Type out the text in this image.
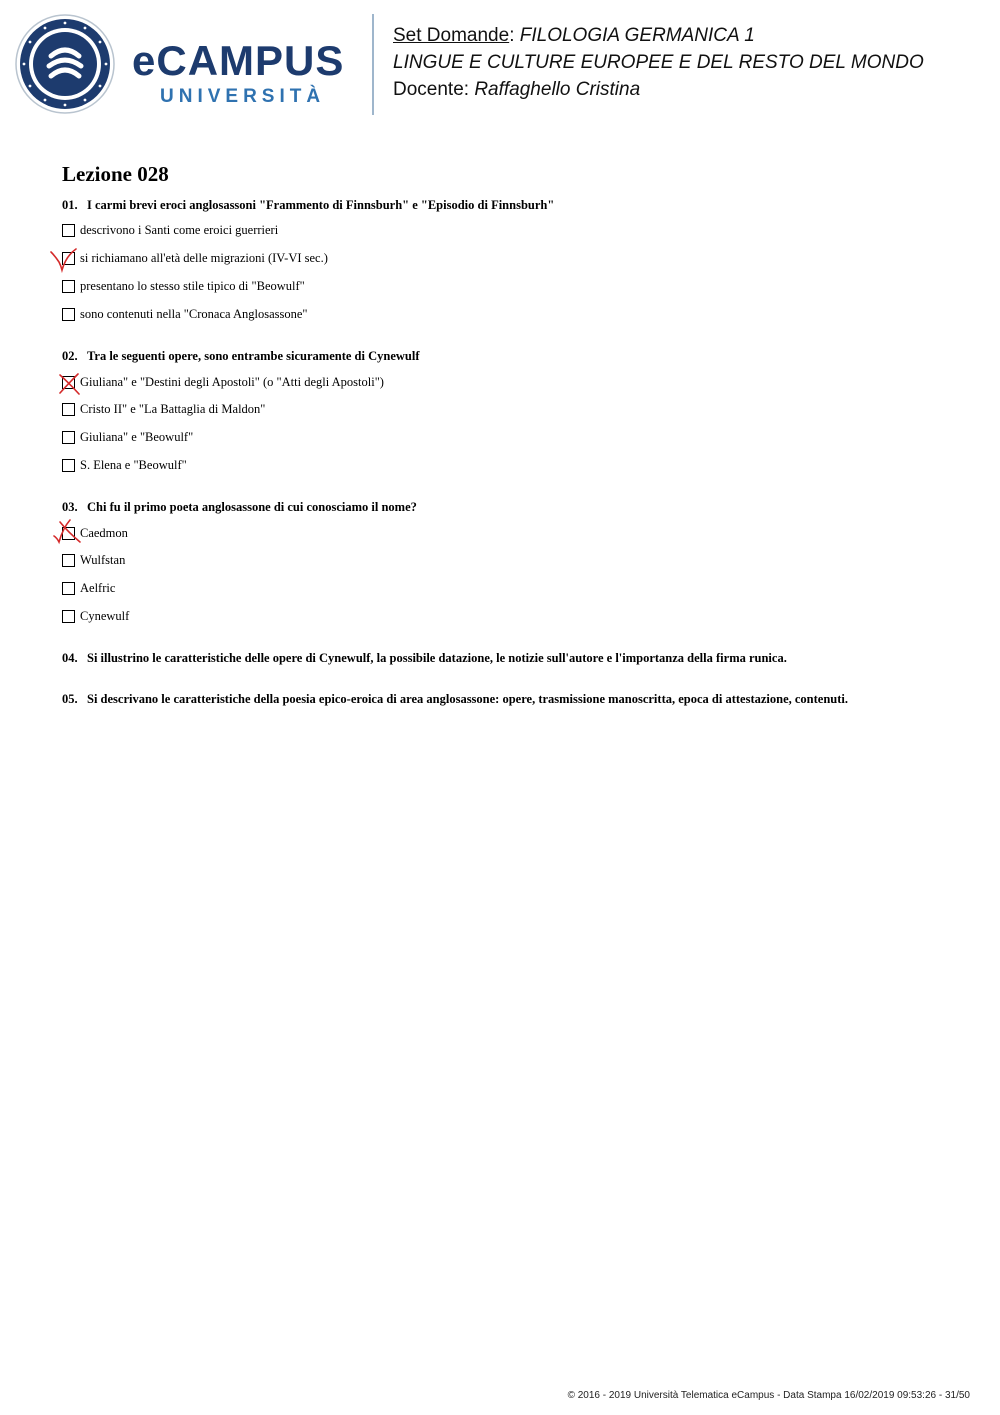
eCAMPUS
UNIVERSITÀ
Set Domande: FILOLOGIA GERMANICA 1
LINGUE E CULTURE EUROPEE E DEL RESTO DEL MONDO
Docente: Raffaghello Cristina
Lezione 028
01. I carmi brevi eroci anglosassoni "Frammento di Finnsburh" e "Episodio di Finnsburh"
descrivono i Santi come eroici guerrieri
si richiamano all'età delle migrazioni (IV-VI sec.)
presentano lo stesso stile tipico di "Beowulf"
sono contenuti nella "Cronaca Anglosassone"
02. Tra le seguenti opere, sono entrambe sicuramente di Cynewulf
Giuliana" e "Destini degli Apostoli" (o "Atti degli Apostoli")
Cristo II" e "La Battaglia di Maldon"
Giuliana" e "Beowulf"
S. Elena e "Beowulf"
03. Chi fu il primo poeta anglosassone di cui conosciamo il nome?
Caedmon
Wulfstan
Aelfric
Cynewulf
04. Si illustrino le caratteristiche delle opere di Cynewulf, la possibile datazione, le notizie sull'autore e l'importanza della firma runica.
05. Si descrivano le caratteristiche della poesia epico-eroica di area anglosassone: opere, trasmissione manoscritta, epoca di attestazione, contenuti.
© 2016 - 2019 Università Telematica eCampus - Data Stampa 16/02/2019 09:53:26 - 31/50
